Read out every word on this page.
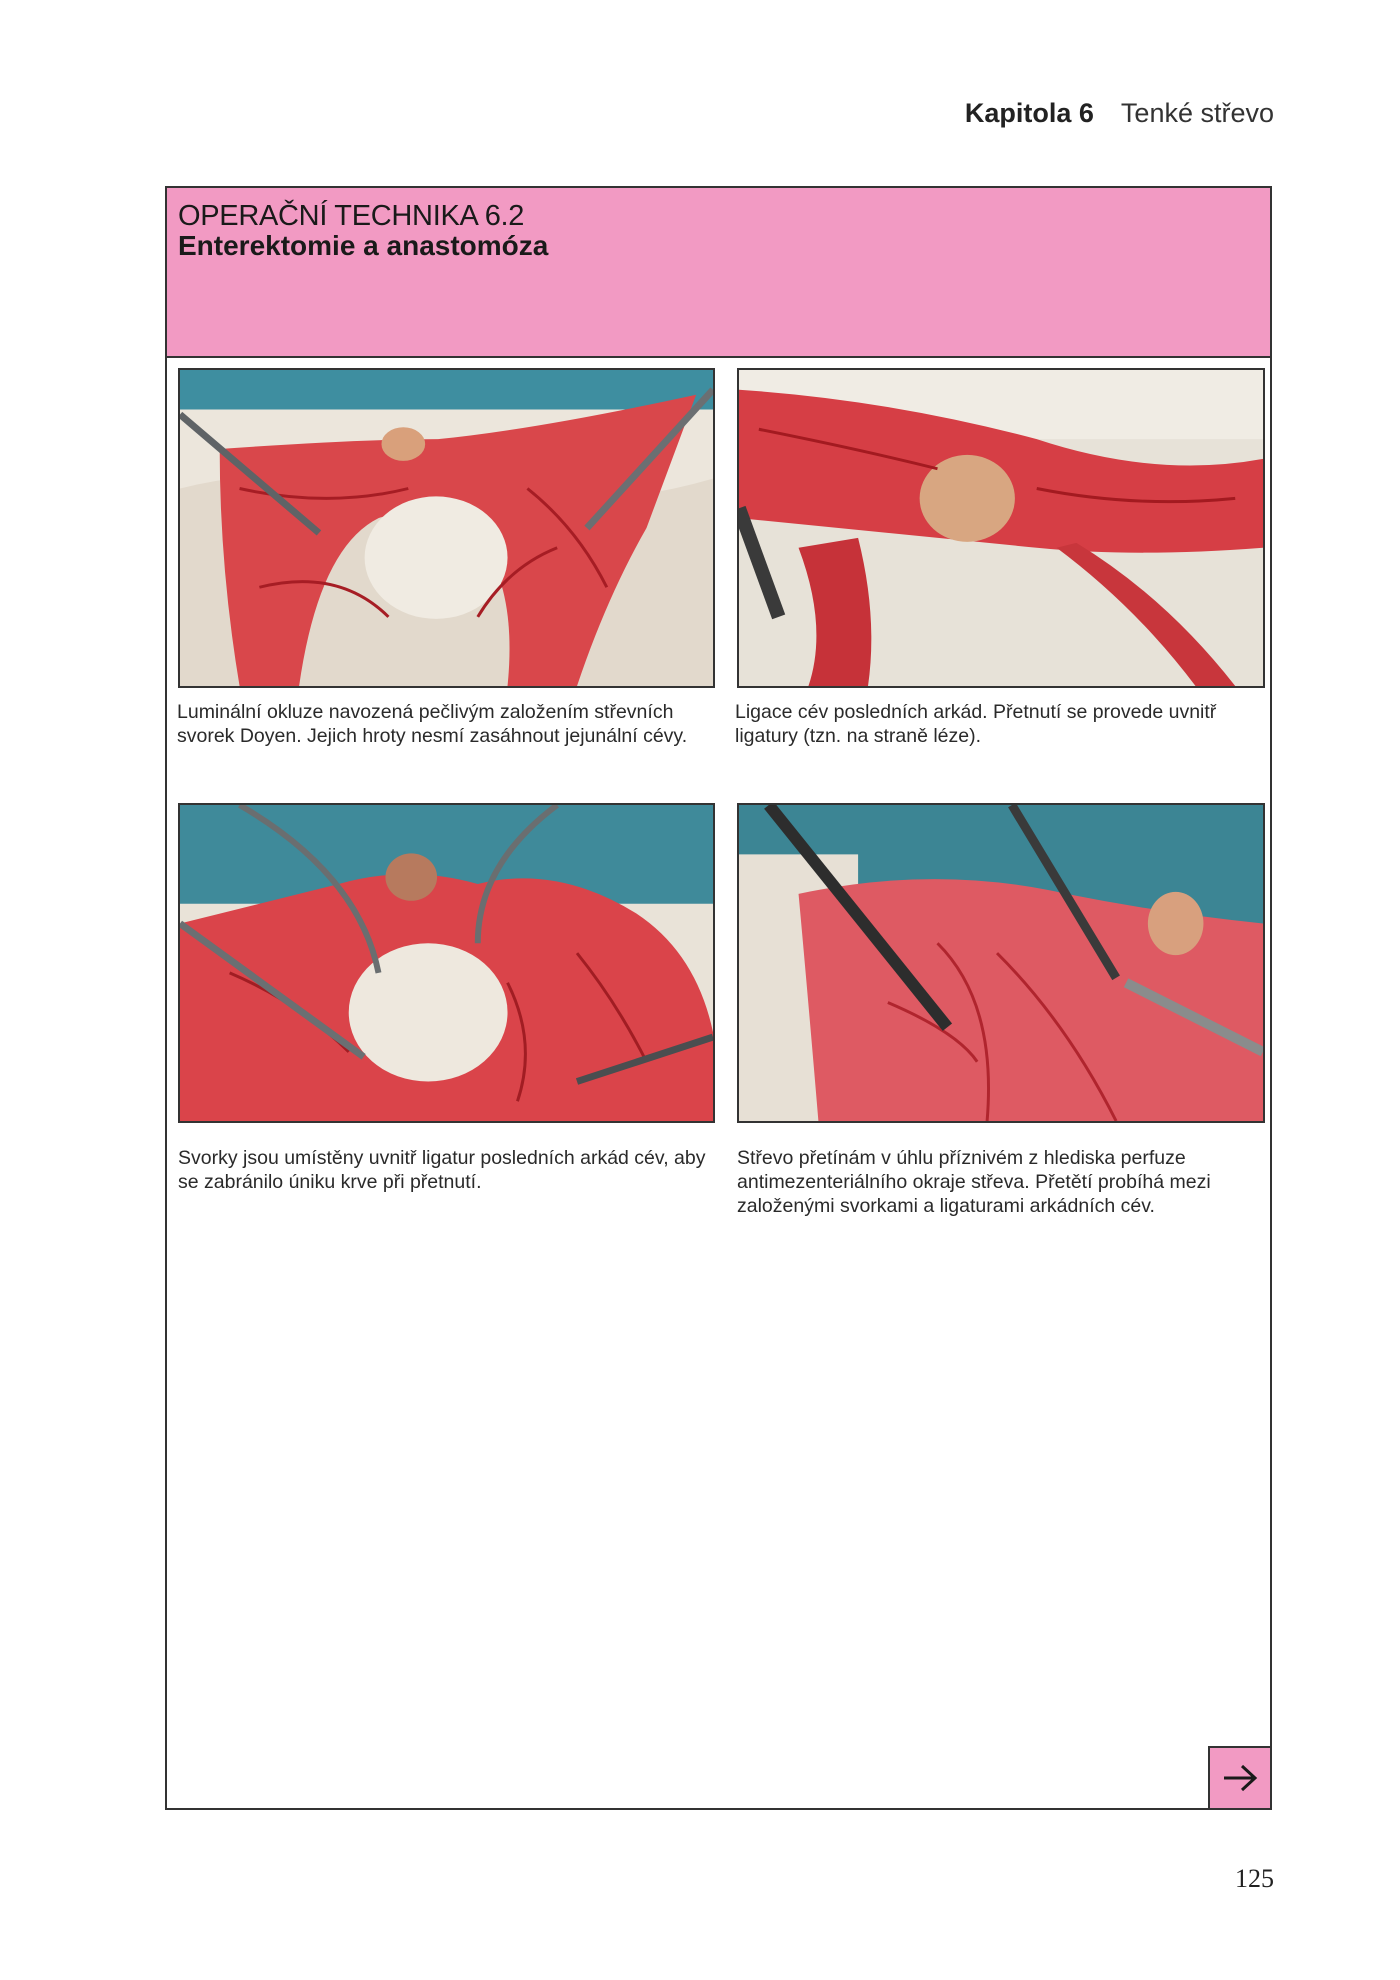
Kapitola 6 Tenké střevo
OPERAČNÍ TECHNIKA 6.2
Enterektomie a anastomóza
Luminální okluze navozená pečlivým založením střevních svorek Doyen. Jejich hroty nesmí zasáhnout jejunální cévy.
Ligace cév posledních arkád. Přetnutí se provede uvnitř ligatury (tzn. na straně léze).
Svorky jsou umístěny uvnitř ligatur posledních arkád cév, aby se zabránilo úniku krve při přetnutí.
Střevo přetínám v úhlu příznivém z hlediska perfuze antimezenteriálního okraje střeva. Přetětí probíhá mezi založenými svorkami a ligaturami arkádních cév.
125
